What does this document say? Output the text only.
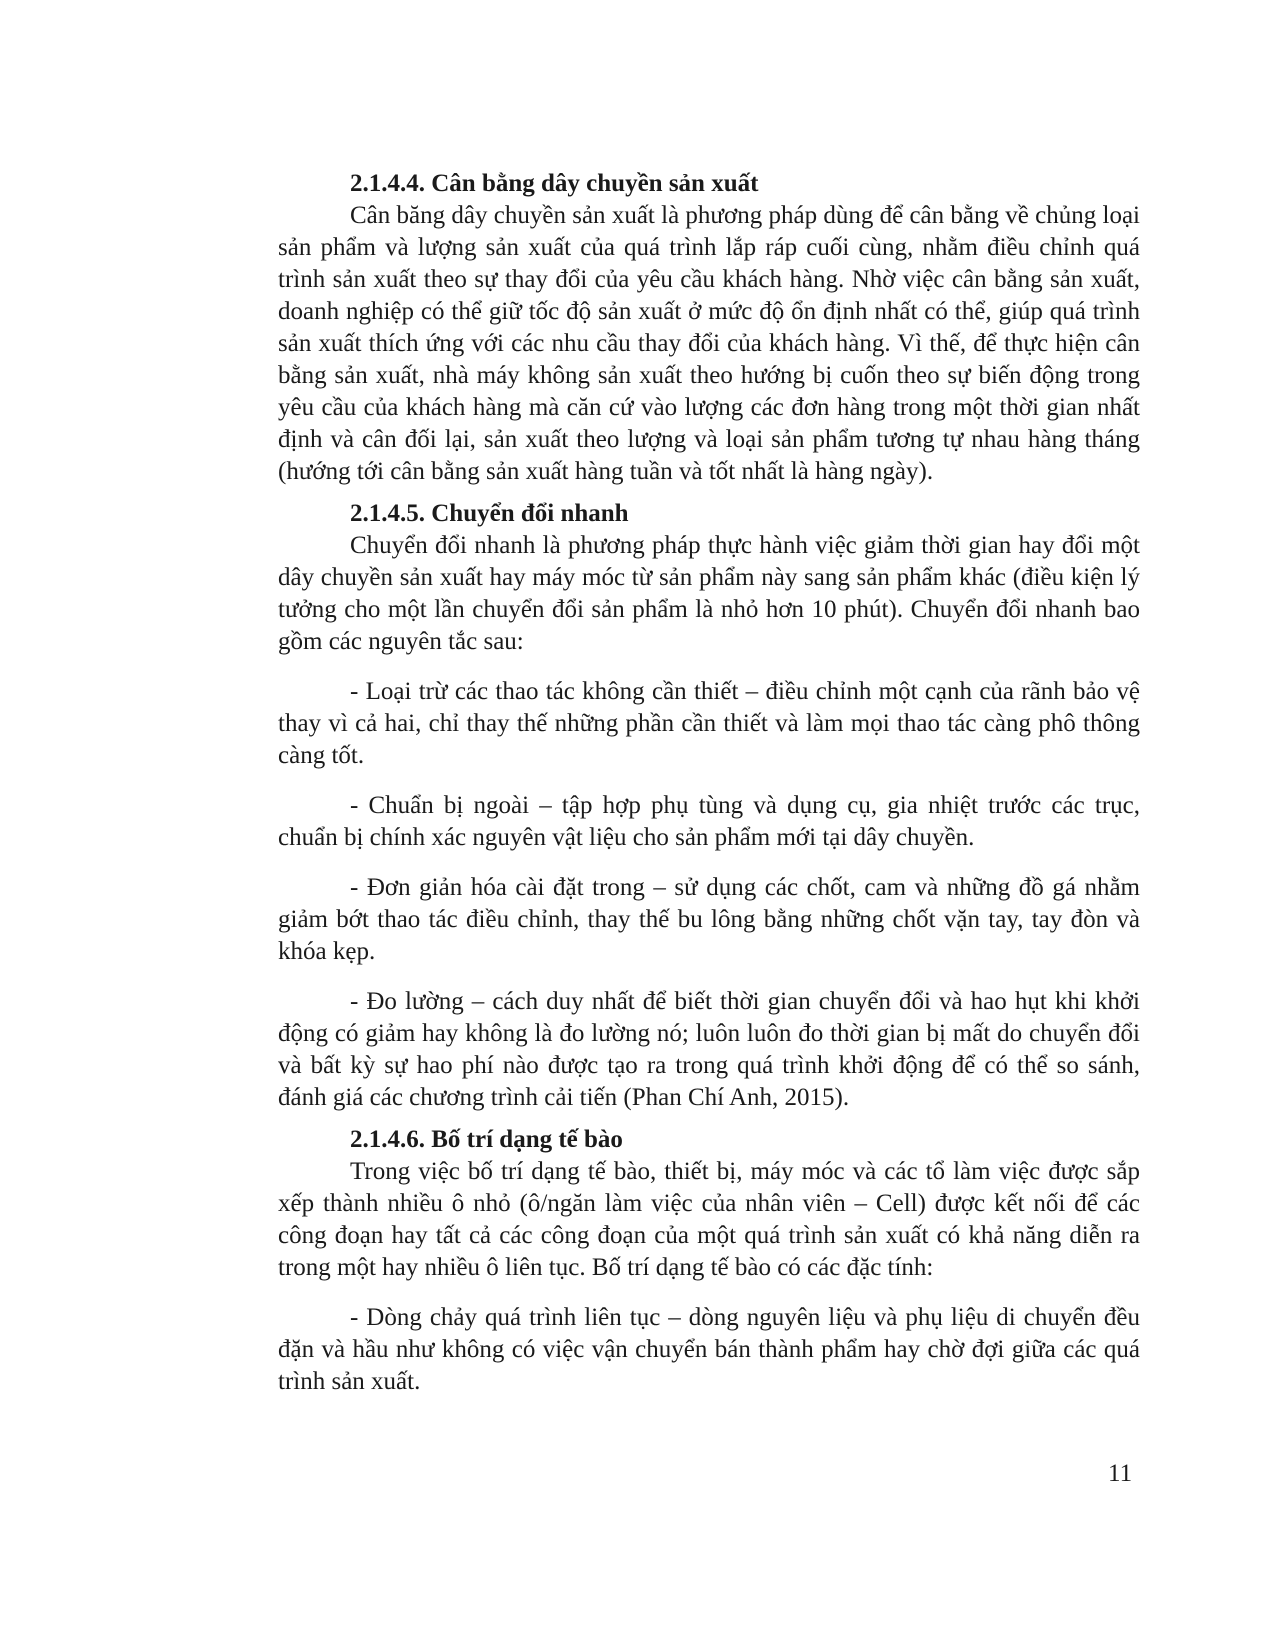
2.1.4.4. Cân bằng dây chuyền sản xuất

Cân băng dây chuyền sản xuất là phương pháp dùng để cân bằng về chủng loại sản phẩm và lượng sản xuất của quá trình lắp ráp cuối cùng, nhằm điều chỉnh quá trình sản xuất theo sự thay đổi của yêu cầu khách hàng. Nhờ việc cân bằng sản xuất, doanh nghiệp có thể giữ tốc độ sản xuất ở mức độ ổn định nhất có thể, giúp quá trình sản xuất thích ứng với các nhu cầu thay đổi của khách hàng. Vì thế, để thực hiện cân bằng sản xuất, nhà máy không sản xuất theo hướng bị cuốn theo sự biến động trong yêu cầu của khách hàng mà căn cứ vào lượng các đơn hàng trong một thời gian nhất định và cân đối lại, sản xuất theo lượng và loại sản phẩm tương tự nhau hàng tháng (hướng tới cân bằng sản xuất hàng tuần và tốt nhất là hàng ngày).

2.1.4.5. Chuyển đổi nhanh

Chuyển đổi nhanh là phương pháp thực hành việc giảm thời gian hay đổi một dây chuyền sản xuất hay máy móc từ sản phẩm này sang sản phẩm khác (điều kiện lý tưởng cho một lần chuyển đổi sản phẩm là nhỏ hơn 10 phút). Chuyển đổi nhanh bao gồm các nguyên tắc sau:

- Loại trừ các thao tác không cần thiết – điều chỉnh một cạnh của rãnh bảo vệ thay vì cả hai, chỉ thay thế những phần cần thiết và làm mọi thao tác càng phô thông càng tốt.

- Chuẩn bị ngoài – tập hợp phụ tùng và dụng cụ, gia nhiệt trước các trục, chuẩn bị chính xác nguyên vật liệu cho sản phẩm mới tại dây chuyền.

- Đơn giản hóa cài đặt trong – sử dụng các chốt, cam và những đồ gá nhằm giảm bớt thao tác điều chỉnh, thay thế bu lông bằng những chốt vặn tay, tay đòn và khóa kẹp.

- Đo lường – cách duy nhất để biết thời gian chuyển đổi và hao hụt khi khởi động có giảm hay không là đo lường nó; luôn luôn đo thời gian bị mất do chuyển đổi và bất kỳ sự hao phí nào được tạo ra trong quá trình khởi động để có thể so sánh, đánh giá các chương trình cải tiến (Phan Chí Anh, 2015).

2.1.4.6. Bố trí dạng tế bào

Trong việc bố trí dạng tế bào, thiết bị, máy móc và các tổ làm việc được sắp xếp thành nhiều ô nhỏ (ô/ngăn làm việc của nhân viên – Cell) được kết nối để các công đoạn hay tất cả các công đoạn của một quá trình sản xuất có khả năng diễn ra trong một hay nhiều ô liên tục. Bố trí dạng tế bào có các đặc tính:

- Dòng chảy quá trình liên tục – dòng nguyên liệu và phụ liệu di chuyển đều đặn và hầu như không có việc vận chuyển bán thành phẩm hay chờ đợi giữa các quá trình sản xuất.

11
